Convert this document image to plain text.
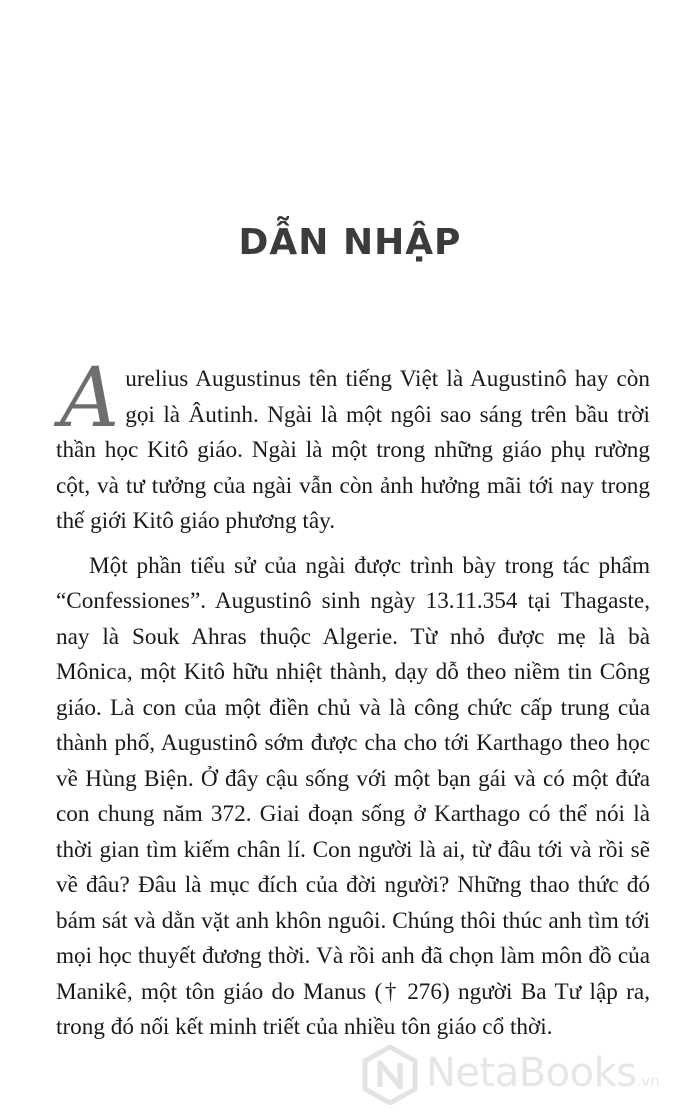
DẪN NHẬP

Aurelius Augustinus tên tiếng Việt là Augustinô hay còn gọi là Âutinh. Ngài là một ngôi sao sáng trên bầu trời thần học Kitô giáo. Ngài là một trong những giáo phụ rường cột, và tư tưởng của ngài vẫn còn ảnh hưởng mãi tới nay trong thế giới Kitô giáo phương tây.

Một phần tiểu sử của ngài được trình bày trong tác phẩm “Confessiones”. Augustinô sinh ngày 13.11.354 tại Thagaste, nay là Souk Ahras thuộc Algerie. Từ nhỏ được mẹ là bà Mônica, một Kitô hữu nhiệt thành, dạy dỗ theo niềm tin Công giáo. Là con của một điền chủ và là công chức cấp trung của thành phố, Augustinô sớm được cha cho tới Karthago theo học về Hùng Biện. Ở đây cậu sống với một bạn gái và có một đứa con chung năm 372. Giai đoạn sống ở Karthago có thể nói là thời gian tìm kiếm chân lí. Con người là ai, từ đâu tới và rồi sẽ về đâu? Đâu là mục đích của đời người? Những thao thức đó bám sát và dằn vặt anh khôn nguôi. Chúng thôi thúc anh tìm tới mọi học thuyết đương thời. Và rồi anh đã chọn làm môn đồ của Manikê, một tôn giáo do Manus († 276) người Ba Tư lập ra, trong đó nối kết minh triết của nhiều tôn giáo cổ thời.

NetaBooks.vn
